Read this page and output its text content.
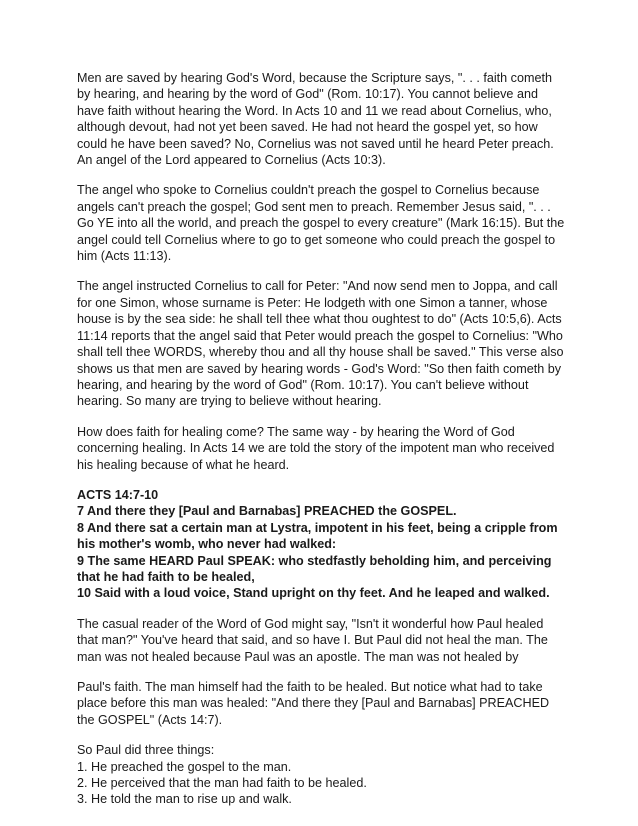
Men are saved by hearing God's Word, because the Scripture says, ". . . faith cometh
by hearing, and hearing by the word of God" (Rom. 10:17). You cannot believe and
have faith without hearing the Word. In Acts 10 and 11 we read about Cornelius, who,
although devout, had not yet been saved. He had not heard the gospel yet, so how
could he have been saved? No, Cornelius was not saved until he heard Peter preach.
An angel of the Lord appeared to Cornelius (Acts 10:3).

The angel who spoke to Cornelius couldn't preach the gospel to Cornelius because
angels can't preach the gospel; God sent men to preach. Remember Jesus said, ". . .
Go YE into all the world, and preach the gospel to every creature" (Mark 16:15). But the
angel could tell Cornelius where to go to get someone who could preach the gospel to
him (Acts 11:13).

The angel instructed Cornelius to call for Peter: "And now send men to Joppa, and call
for one Simon, whose surname is Peter: He lodgeth with one Simon a tanner, whose
house is by the sea side: he shall tell thee what thou oughtest to do" (Acts 10:5,6). Acts
11:14 reports that the angel said that Peter would preach the gospel to Cornelius: "Who
shall tell thee WORDS, whereby thou and all thy house shall be saved." This verse also
shows us that men are saved by hearing words - God's Word: "So then faith cometh by
hearing, and hearing by the word of God" (Rom. 10:17). You can't believe without
hearing. So many are trying to believe without hearing.

How does faith for healing come? The same way - by hearing the Word of God
concerning healing. In Acts 14 we are told the story of the impotent man who received
his healing because of what he heard.

ACTS 14:7-10
7 And there they [Paul and Barnabas] PREACHED the GOSPEL.
8 And there sat a certain man at Lystra, impotent in his feet, being a cripple from
his mother's womb, who never had walked:
9 The same HEARD Paul SPEAK: who stedfastly beholding him, and perceiving
that he had faith to be healed,
10 Said with a loud voice, Stand upright on thy feet. And he leaped and walked.

The casual reader of the Word of God might say, "Isn't it wonderful how Paul healed
that man?" You've heard that said, and so have I. But Paul did not heal the man. The
man was not healed because Paul was an apostle. The man was not healed by

Paul's faith. The man himself had the faith to be healed. But notice what had to take
place before this man was healed: "And there they [Paul and Barnabas] PREACHED
the GOSPEL" (Acts 14:7).

So Paul did three things:

1. He preached the gospel to the man.
2. He perceived that the man had faith to be healed.
3. He told the man to rise up and walk.
